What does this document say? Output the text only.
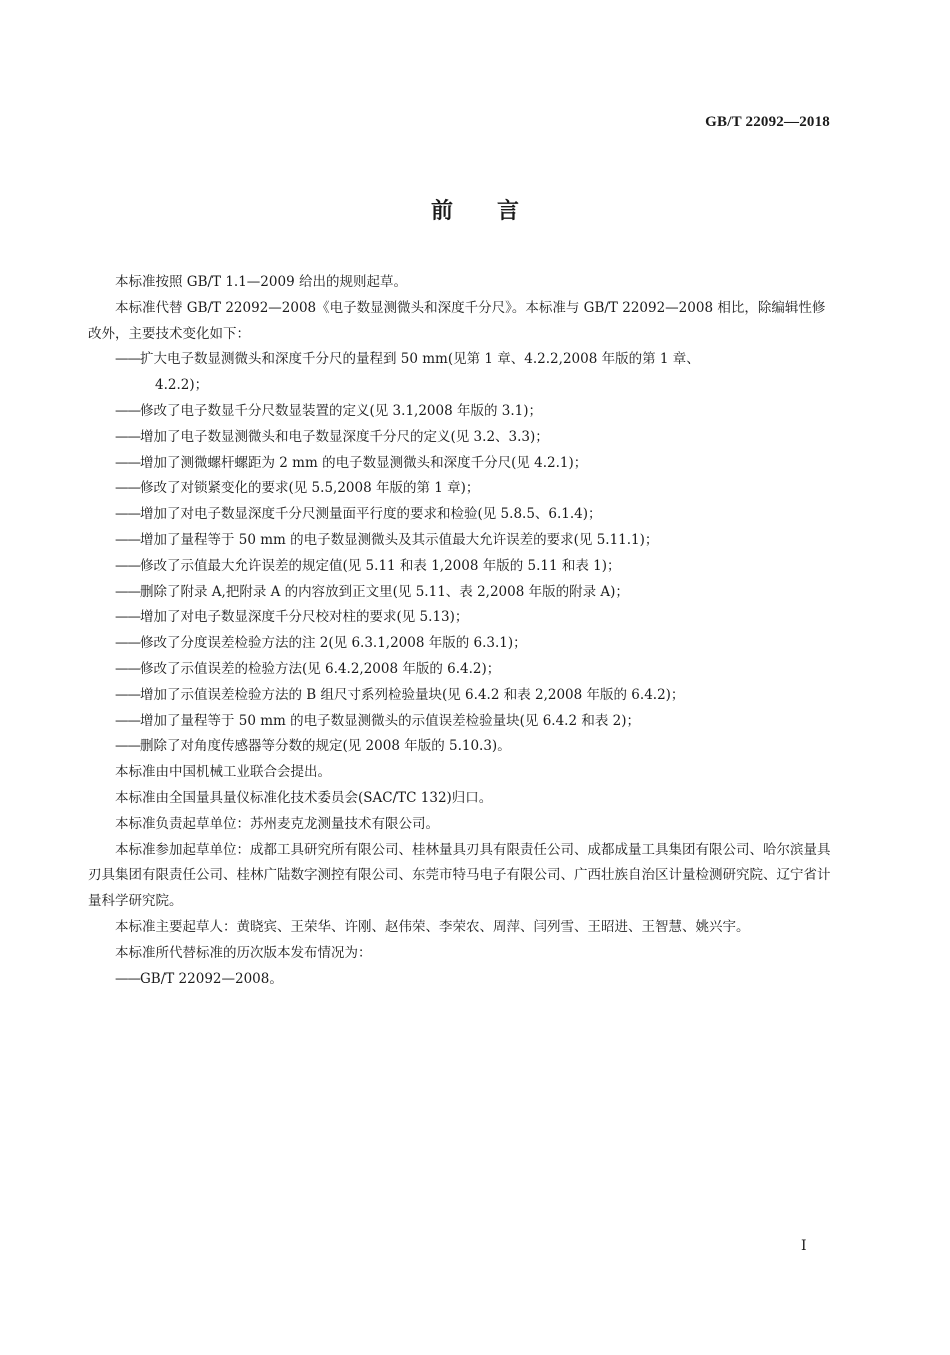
GB/T 22092—2018
前 言

本标准按照 GB/T 1.1—2009 给出的规则起草。

本标准代替 GB/T 22092—2008《电子数显测微头和深度千分尺》。本标准与 GB/T 22092—2008 相比，除编辑性修改外，主要技术变化如下：

——扩大电子数显测微头和深度千分尺的量程到 50 mm(见第 1 章、4.2.2,2008 年版的第 1 章、
4.2.2)；
——修改了电子数显千分尺数显装置的定义(见 3.1,2008 年版的 3.1)；
——增加了电子数显测微头和电子数显深度千分尺的定义(见 3.2、3.3)；
——增加了测微螺杆螺距为 2 mm 的电子数显测微头和深度千分尺(见 4.2.1)；
——修改了对锁紧变化的要求(见 5.5,2008 年版的第 1 章)；
——增加了对电子数显深度千分尺测量面平行度的要求和检验(见 5.8.5、6.1.4)；
——增加了量程等于 50 mm 的电子数显测微头及其示值最大允许误差的要求(见 5.11.1)；
——修改了示值最大允许误差的规定值(见 5.11 和表 1,2008 年版的 5.11 和表 1)；
——删除了附录 A,把附录 A 的内容放到正文里(见 5.11、表 2,2008 年版的附录 A)；
——增加了对电子数显深度千分尺校对柱的要求(见 5.13)；
——修改了分度误差检验方法的注 2(见 6.3.1,2008 年版的 6.3.1)；
——修改了示值误差的检验方法(见 6.4.2,2008 年版的 6.4.2)；
——增加了示值误差检验方法的 B 组尺寸系列检验量块(见 6.4.2 和表 2,2008 年版的 6.4.2)；
——增加了量程等于 50 mm 的电子数显测微头的示值误差检验量块(见 6.4.2 和表 2)；
——删除了对角度传感器等分数的规定(见 2008 年版的 5.10.3)。

本标准由中国机械工业联合会提出。

本标准由全国量具量仪标准化技术委员会(SAC/TC 132)归口。

本标准负责起草单位：苏州麦克龙测量技术有限公司。

本标准参加起草单位：成都工具研究所有限公司、桂林量具刃具有限责任公司、成都成量工具集团有限公司、哈尔滨量具刃具集团有限责任公司、桂林广陆数字测控有限公司、东莞市特马电子有限公司、广西壮族自治区计量检测研究院、辽宁省计量科学研究院。

本标准主要起草人：黄晓宾、王荣华、许刚、赵伟荣、李荣农、周萍、闫列雪、王昭进、王智慧、姚兴宇。

本标准所代替标准的历次版本发布情况为：

——GB/T 22092—2008。
I
